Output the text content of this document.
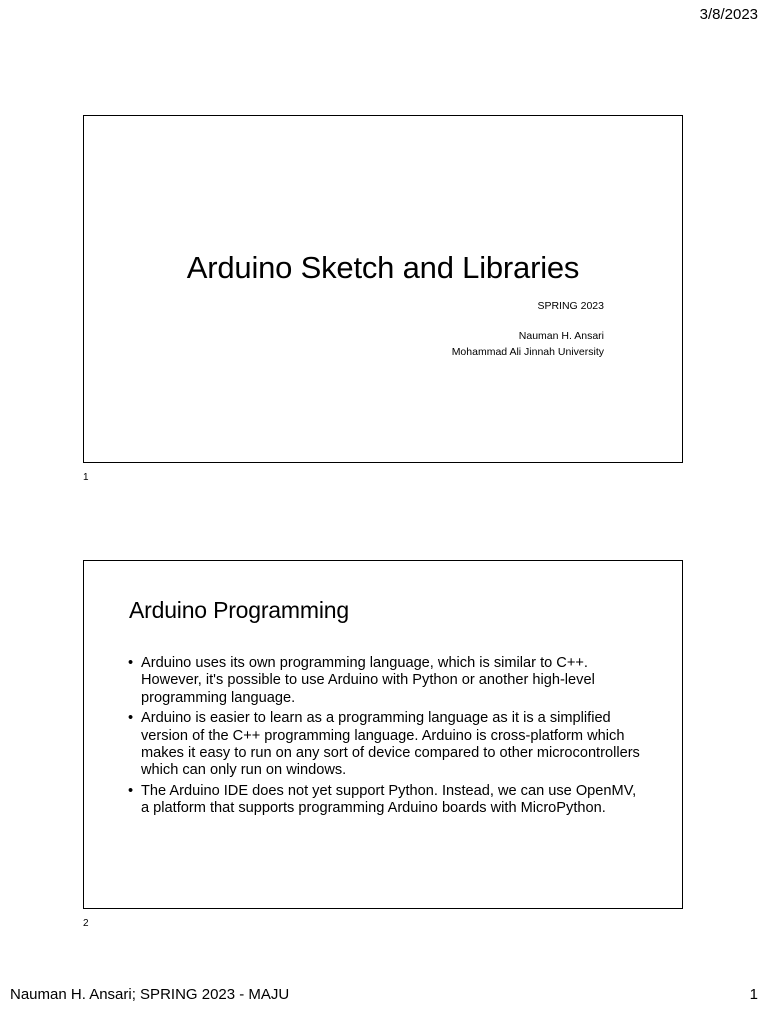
3/8/2023
Arduino Sketch and Libraries
SPRING 2023
Nauman H. Ansari
Mohammad Ali Jinnah University
1
Arduino Programming
• Arduino uses its own programming language, which is similar to C++. However, it's possible to use Arduino with Python or another high-level programming language.
• Arduino is easier to learn as a programming language as it is a simplified version of the C++ programming language. Arduino is cross-platform which makes it easy to run on any sort of device compared to other microcontrollers which can only run on windows.
• The Arduino IDE does not yet support Python. Instead, we can use OpenMV, a platform that supports programming Arduino boards with MicroPython.
2
Nauman H. Ansari; SPRING 2023 - MAJU	1
